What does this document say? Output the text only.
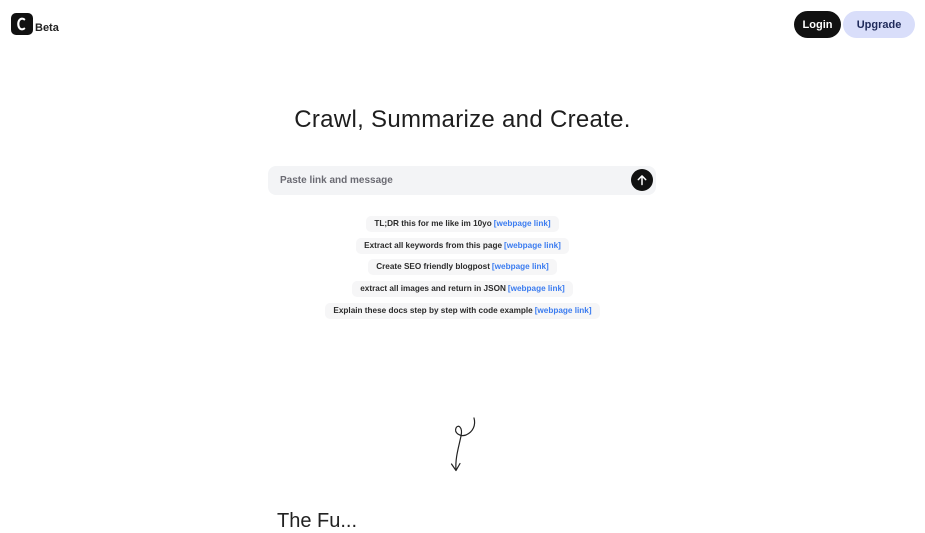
Beta	Login	Upgrade
Crawl, Summarize and Create.
Paste link and message
TL;DR this for me like im 10yo [webpage link]
Extract all keywords from this page [webpage link]
Create SEO friendly blogpost [webpage link]
extract all images and return in JSON [webpage link]
Explain these docs step by step with code example [webpage link]
The Fu...
